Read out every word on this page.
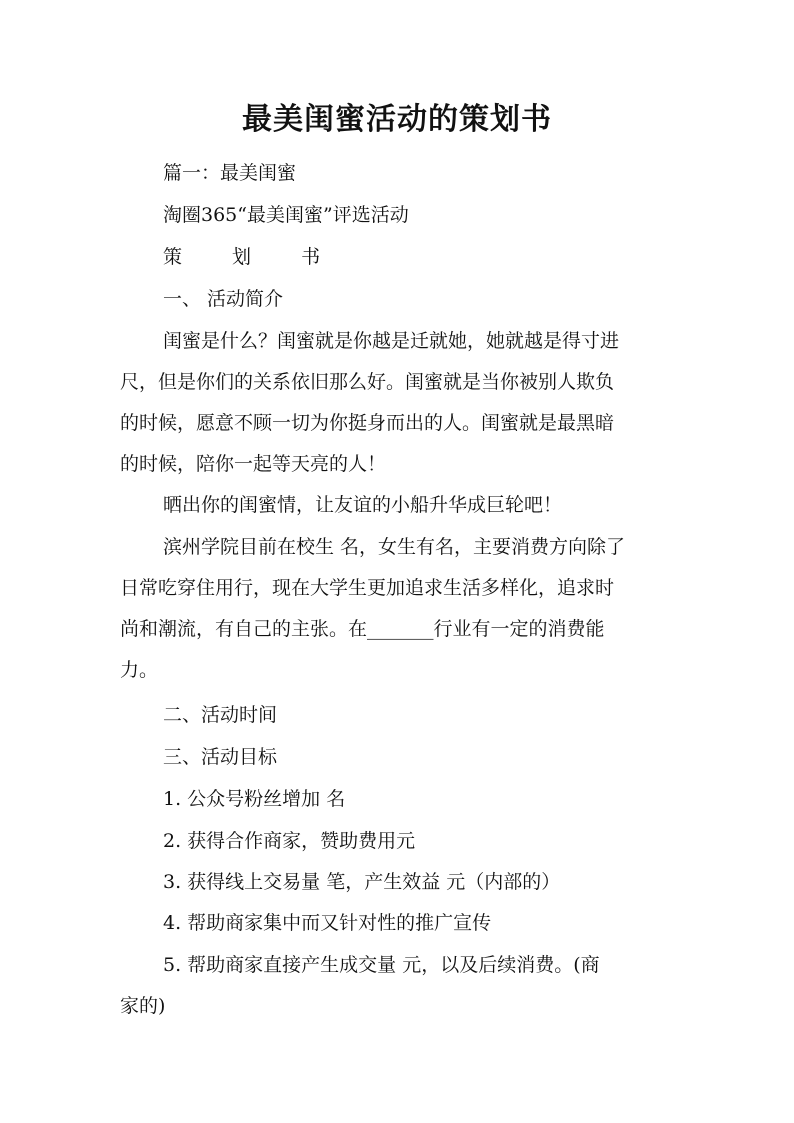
最美闺蜜活动的策划书
篇一：最美闺蜜
淘圈365“最美闺蜜”评选活动
策 划 书
一、 活动简介
闺蜜是什么？闺蜜就是你越是迁就她，她就越是得寸进
尺，但是你们的关系依旧那么好。闺蜜就是当你被别人欺负
的时候，愿意不顾一切为你挺身而出的人。闺蜜就是最黑暗
的时候，陪你一起等天亮的人！
晒出你的闺蜜情，让友谊的小船升华成巨轮吧！
滨州学院目前在校生 名，女生有名，主要消费方向除了
日常吃穿住用行，现在大学生更加追求生活多样化，追求时
尚和潮流，有自己的主张。在_______行业有一定的消费能
力。
二、活动时间
三、活动目标
1. 公众号粉丝增加 名
2. 获得合作商家，赞助费用元
3. 获得线上交易量 笔，产生效益 元（内部的）
4. 帮助商家集中而又针对性的推广宣传
5. 帮助商家直接产生成交量 元，以及后续消费。(商
家的)
